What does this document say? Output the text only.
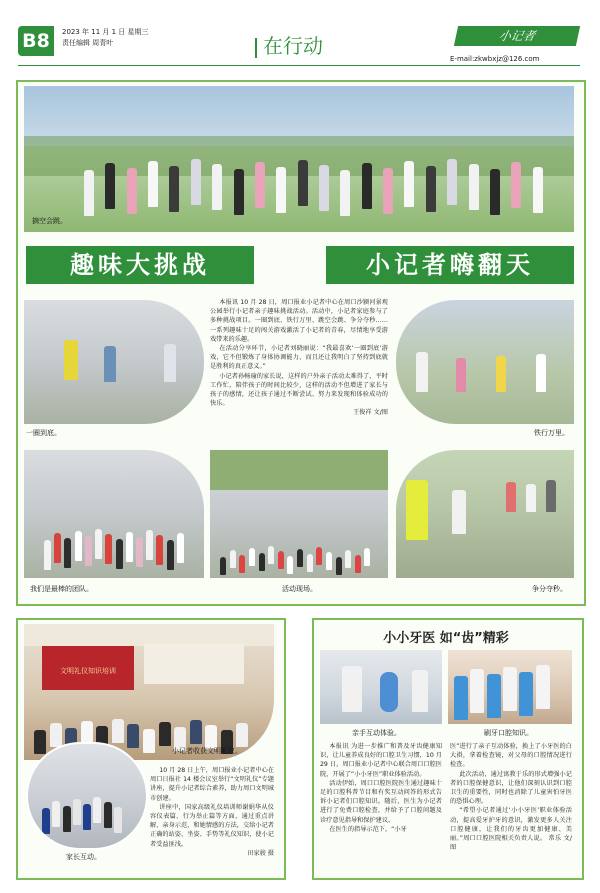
B8	2023 年 11 月 1 日 星期三
责任编辑 周青叶	在行动	小记者
E-mail:zkwbxjz@126.com
摘空会跳。
趣味大挑战	小记者嗨翻天
一圈到底。

本报讯 10 月 28 日，周口报业小记者中心在周口沙颍河景观公园举行小记者亲子趣味挑战活动。活动中，小记者家庭参与了多种挑战项目。一圈到底、铁行万里、跳空会跳、争分夺秒……一系列趣味十足的闯关游戏激活了小记者的青春，尽情地享受游戏带来的乐趣。

在活动分享环节，小记者刘晓丽说：“我最喜欢‘一圈到底’游戏，它不但锻炼了身体协调能力，而且还让我明白了坚持到底就是胜利的真正意义。”

小记者孙畅瑜的家长说，这样的户外亲子活动太难得了，平时工作忙，陪伴孩子的时间比较少，这样的活动不但增进了家长与孩子的感情，还让孩子通过不断尝试、努力来发现和体验成功的快乐。

王俊祥 文/图
铁行万里。
我们是最棒的团队。	活动现场。	争分夺秒。
文明礼仪知识培训
小记者收获文明礼仪。
家长互动。

10 月 28 日上午，周口报业小记者中心在周口日报社 14 楼会议室举行“文明礼仪”专题讲座，提升小记者综合素养，助力周口文明城市创建。

讲座中，国家高级礼仪培训师谢娟华从仪容仪表篇、行为举止篇等方面，通过重点讲解、亲身示范，和她情感的方法，交给小记者正确的站姿、坐姿、手势等礼仪知识，使小记者受益匪浅。

田家骏 摄
小小牙医 如“齿”精彩
亲手互动体验。	刷牙口腔知识。

本报讯 为进一步推广和普及牙齿健康知识，让儿童养成良好的口腔卫生习惯，10 月 29 日，周口报业小记者中心联合周口口腔医院，开展了“小小牙医”职业体验活动。

活动伊始，周口口腔医院医生通过趣味十足的口腔科普节目和有奖互动问答的形式告诉小记者们口腔知识。随后，医生为小记者进行了免费口腔检查，并给予了口腔问题及诊疗意见指导和保护建议。

在医生的指导示范下，“小牙

医”进行了亲子互动体验，换上了小牙医的白大褂，拿着检查镜，对父母的口腔情况进行检查。

此次活动，通过寓教于乐的形式增强小记者的口腔保健意识，让他们深刻认识到口腔卫生的重要性，同时也消除了儿童害怕牙医的恐惧心理。

“希望小记者通过‘小小牙医’职业体验活动，提高爱牙护牙的意识，激发更多人关注口腔健康，让我们的牙齿更加健康、美丽。”周口口腔医院相关负责人说。 常乐 文/图
